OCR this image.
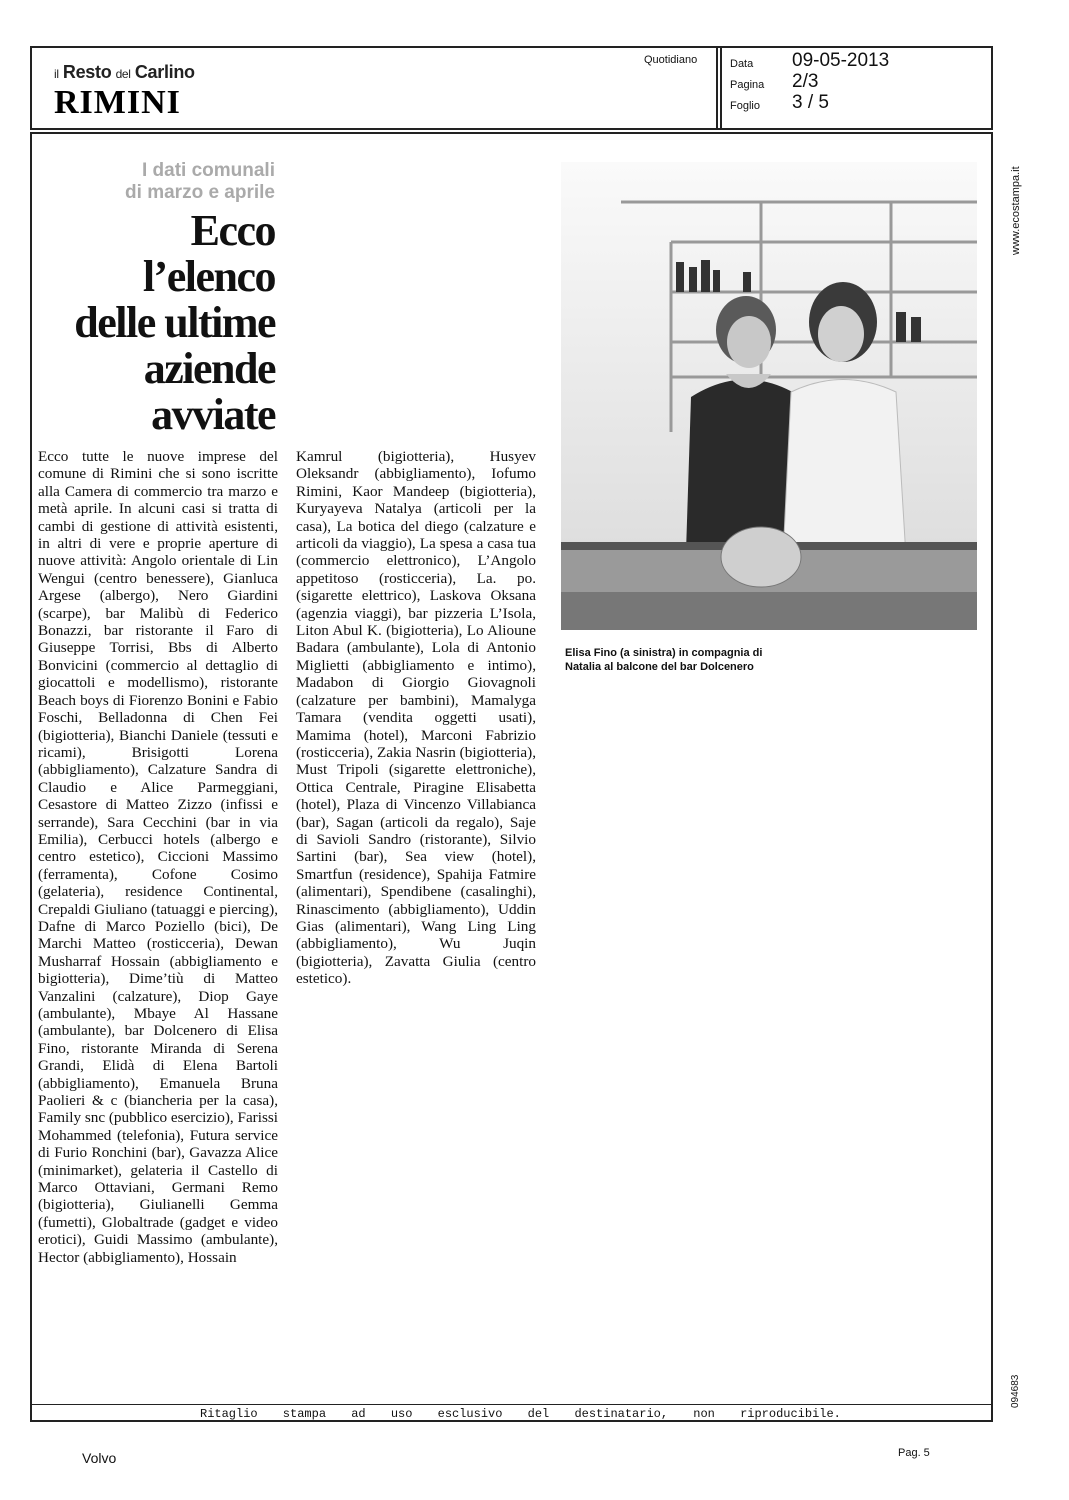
il Resto del Carlino
RIMINI
Quotidiano	Data
Pagina
Foglio
09-05-2013
2/3
3 / 5
Ritaglio stampa ad uso esclusivo del destinatario, non riproducibile.
www.ecostampa.it
094683
I dati comunali
di marzo e aprile
Ecco
l’elenco
delle ultime
aziende
avviate
Ecco tutte le nuove imprese del comune di Rimini che si sono iscritte alla Camera di commercio tra marzo e metà aprile. In alcuni casi si tratta di cambi di gestione di attività esistenti, in altri di vere e proprie aperture di nuove attività: Angolo orientale di Lin Wengui (centro benessere), Gianluca Argese (albergo), Nero Giardini (scarpe), bar Malibù di Federico Bonazzi, bar ristorante il Faro di Giuseppe Torrisi, Bbs di Alberto Bonvicini (commercio al dettaglio di giocattoli e modellismo), ristorante Beach boys di Fiorenzo Bonini e Fabio Foschi, Belladonna di Chen Fei (bigiotteria), Bianchi Daniele (tessuti e ricami), Brisigotti Lorena (abbigliamento), Calzature Sandra di Claudio e Alice Parmeggiani, Cesastore di Matteo Zizzo (infissi e serrande), Sara Cecchini (bar in via Emilia), Cerbucci hotels (albergo e centro estetico), Ciccioni Massimo (ferramenta), Cofone Cosimo (gelateria), residence Continental, Crepaldi Giuliano (tatuaggi e piercing), Dafne di Marco Poziello (bici), De Marchi Matteo (rosticceria), Dewan Musharraf Hossain (abbigliamento e bigiotteria), Dime’tiù di Matteo Vanzalini (calzature), Diop Gaye (ambulante), Mbaye Al Hassane (ambulante), bar Dolcenero di Elisa Fino, ristorante Miranda di Serena Grandi, Elidà di Elena Bartoli (abbigliamento), Emanuela Bruna Paolieri & c (biancheria per la casa), Family snc (pubblico esercizio), Farissi Mohammed (telefonia), Futura service di Furio Ronchini (bar), Gavazza Alice (minimarket), gelateria il Castello di Marco Ottaviani, Germani Remo (bigiotteria), Giulianelli Gemma (fumetti), Globaltrade (gadget e video erotici), Guidi Massimo (ambulante), Hector (abbigliamento), Hossain
Kamrul (bigiotteria), Husyev Oleksandr (abbigliamento), Iofumo Rimini, Kaor Mandeep (bigiotteria), Kuryayeva Natalya (articoli per la casa), La botica del diego (calzature e articoli da viaggio), La spesa a casa tua (commercio elettronico), L’Angolo appetitoso (rosticceria), La. po. (sigarette elettrico), Laskova Oksana (agenzia viaggi), bar pizzeria L’Isola, Liton Abul K. (bigiotteria), Lo Alioune Badara (ambulante), Lola di Antonio Miglietti (abbigliamento e intimo), Madabon di Giorgio Giovagnoli (calzature per bambini), Mamalyga Tamara (vendita oggetti usati), Mamima (hotel), Marconi Fabrizio (rosticceria), Zakia Nasrin (bigiotteria), Must Tripoli (sigarette elettroniche), Ottica Centrale, Piragine Elisabetta (hotel), Plaza di Vincenzo Villabianca (bar), Sagan (articoli da regalo), Saje di Savioli Sandro (ristorante), Silvio Sartini (bar), Sea view (hotel), Smartfun (residence), Spahija Fatmire (alimentari), Spendibene (casalinghi), Rinascimento (abbigliamento), Uddin Gias (alimentari), Wang Ling Ling (abbigliamento), Wu Juqin (bigiotteria), Zavatta Giulia (centro estetico).
Elisa Fino (a sinistra) in compagnia di Natalia al balcone del bar Dolcenero
Volvo	Pag. 5
